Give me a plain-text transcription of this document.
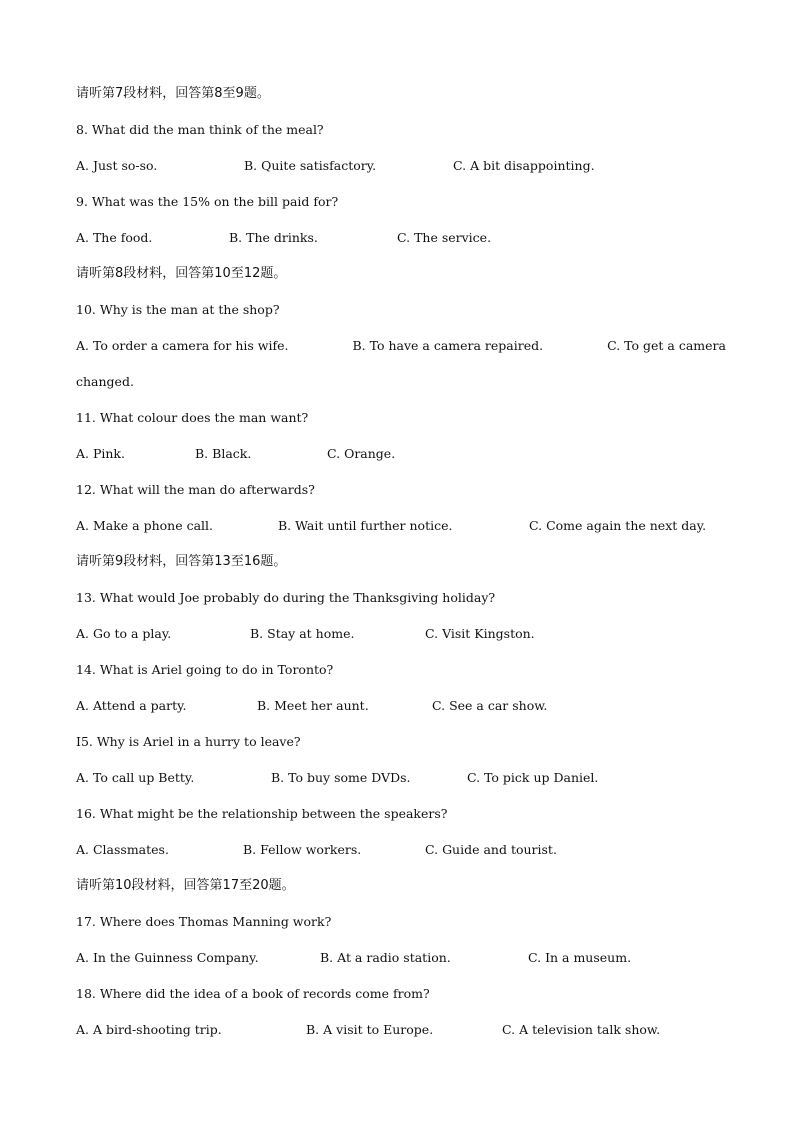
请听第7段材料，回答第8至9题。
8. What did the man think of the meal?
A. Just so-so.	B. Quite satisfactory.	C. A bit disappointing.
9. What was the 15% on the bill paid for?
A. The food.	B. The drinks.	C. The service.
请听第8段材料，回答第10至12题。
10. Why is the man at the shop?
A. To order a camera for his wife.	B. To have a camera repaired.	C. To get a camera
changed.
11. What colour does the man want?
A. Pink.	B. Black.	C. Orange.
12. What will the man do afterwards?
A. Make a phone call.	B. Wait until further notice.	C. Come again the next day.
请听第9段材料，回答第13至16题。
13. What would Joe probably do during the Thanksgiving holiday?
A. Go to a play.	B. Stay at home.	C. Visit Kingston.
14. What is Ariel going to do in Toronto?
A. Attend a party.	B. Meet her aunt.	C. See a car show.
I5. Why is Ariel in a hurry to leave?
A. To call up Betty.	B. To buy some DVDs.	C. To pick up Daniel.
16. What might be the relationship between the speakers?
A. Classmates.	B. Fellow workers.	C. Guide and tourist.
请听第10段材料，回答第17至20题。
17. Where does Thomas Manning work?
A. In the Guinness Company.	B. At a radio station.	C. In a museum.
18. Where did the idea of a book of records come from?
A. A bird-shooting trip.	B. A visit to Europe.	C. A television talk show.
